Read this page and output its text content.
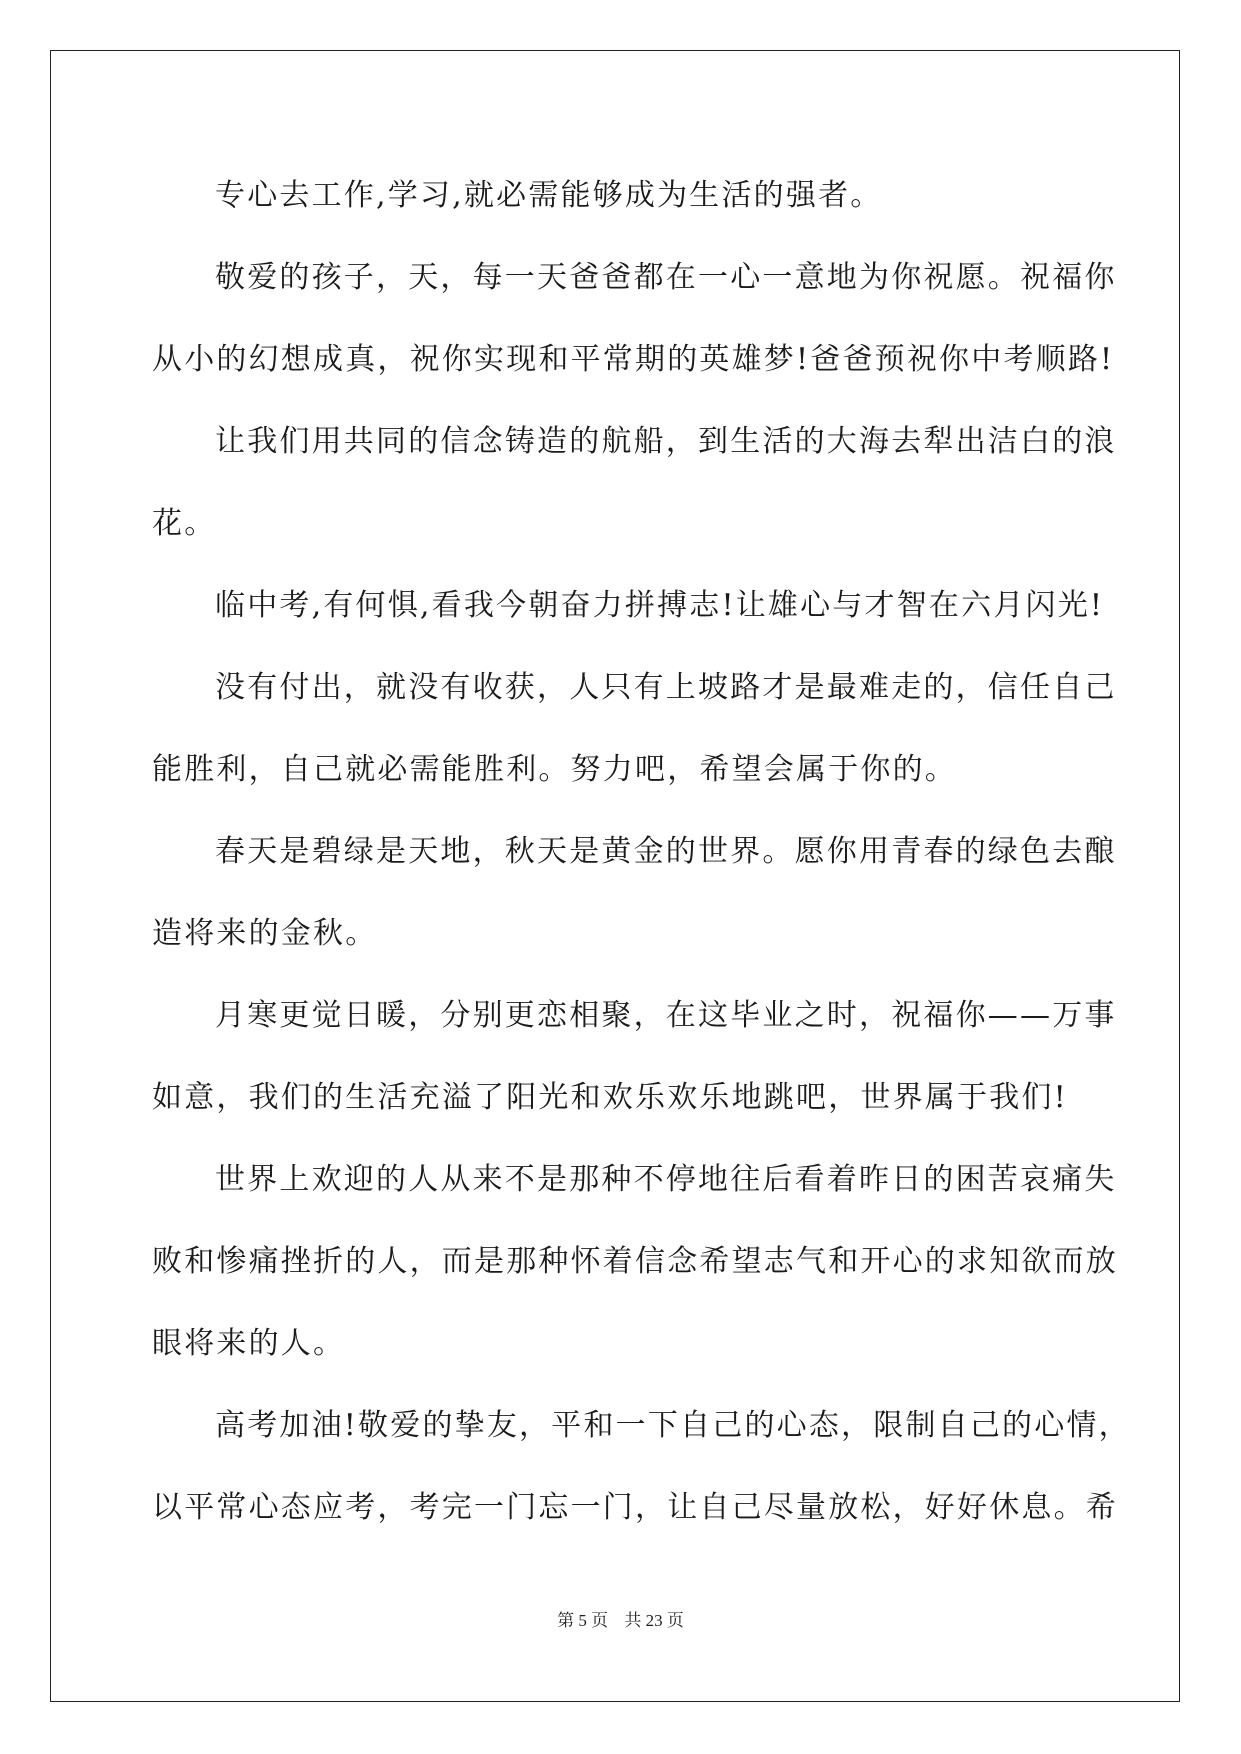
专心去工作,学习,就必需能够成为生活的强者。
敬爱的孩子，天，每一天爸爸都在一心一意地为你祝愿。祝福你
从小的幻想成真，祝你实现和平常期的英雄梦!爸爸预祝你中考顺路!
让我们用共同的信念铸造的航船，到生活的大海去犁出洁白的浪
花。
临中考,有何惧,看我今朝奋力拼搏志!让雄心与才智在六月闪光!
没有付出，就没有收获，人只有上坡路才是最难走的，信任自己
能胜利，自己就必需能胜利。努力吧，希望会属于你的。
春天是碧绿是天地，秋天是黄金的世界。愿你用青春的绿色去酿
造将来的金秋。
月寒更觉日暖，分别更恋相聚，在这毕业之时，祝福你——万事
如意，我们的生活充溢了阳光和欢乐欢乐地跳吧，世界属于我们!
世界上欢迎的人从来不是那种不停地往后看着昨日的困苦哀痛失
败和惨痛挫折的人，而是那种怀着信念希望志气和开心的求知欲而放
眼将来的人。
高考加油!敬爱的挚友，平和一下自己的心态，限制自己的心情，
以平常心态应考，考完一门忘一门，让自己尽量放松，好好休息。希
第 5 页 共 23 页
